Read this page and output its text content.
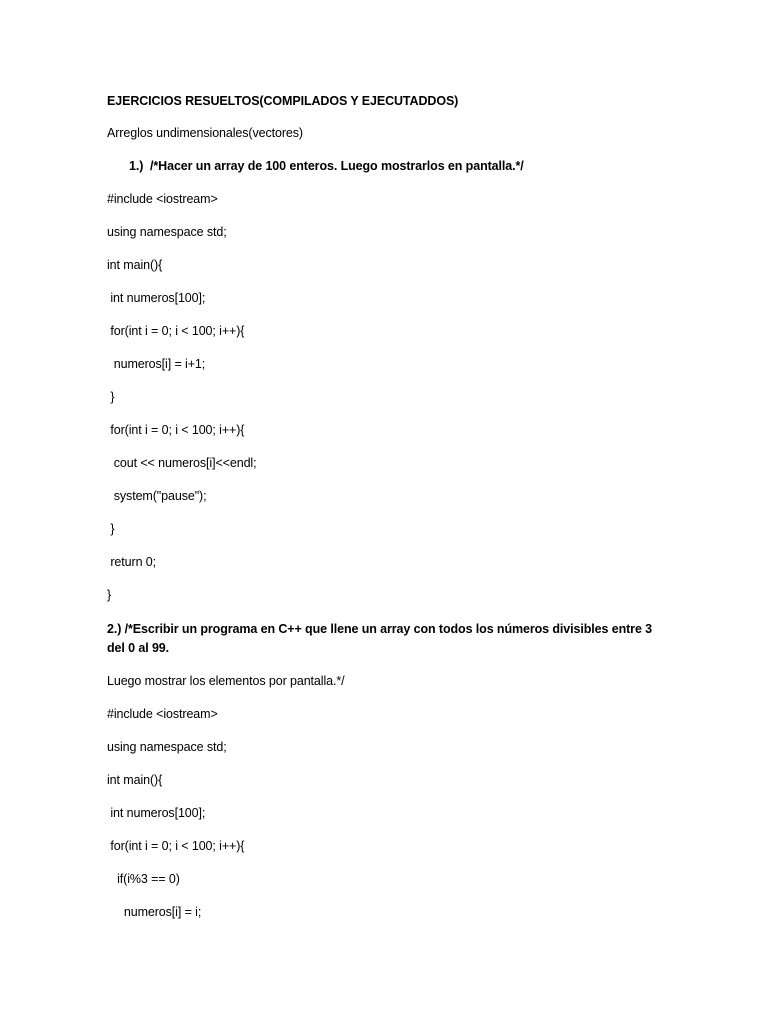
EJERCICIOS RESUELTOS(COMPILADOS Y EJECUTADDOS)
Arreglos undimensionales(vectores)
1.)  /*Hacer un array de 100 enteros. Luego mostrarlos en pantalla.*/
#include <iostream>
using namespace std;
int main(){
int numeros[100];
for(int i = 0; i < 100; i++){
numeros[i] = i+1;
}
for(int i = 0; i < 100; i++){
cout << numeros[i]<<endl;
system("pause");
}
return 0;
}
2.) /*Escribir un programa en C++ que llene un array con todos los números divisibles entre 3 del 0 al 99.
Luego mostrar los elementos por pantalla.*/
#include <iostream>
using namespace std;
int main(){
int numeros[100];
for(int i = 0; i < 100; i++){
if(i%3 == 0)
numeros[i] = i;
